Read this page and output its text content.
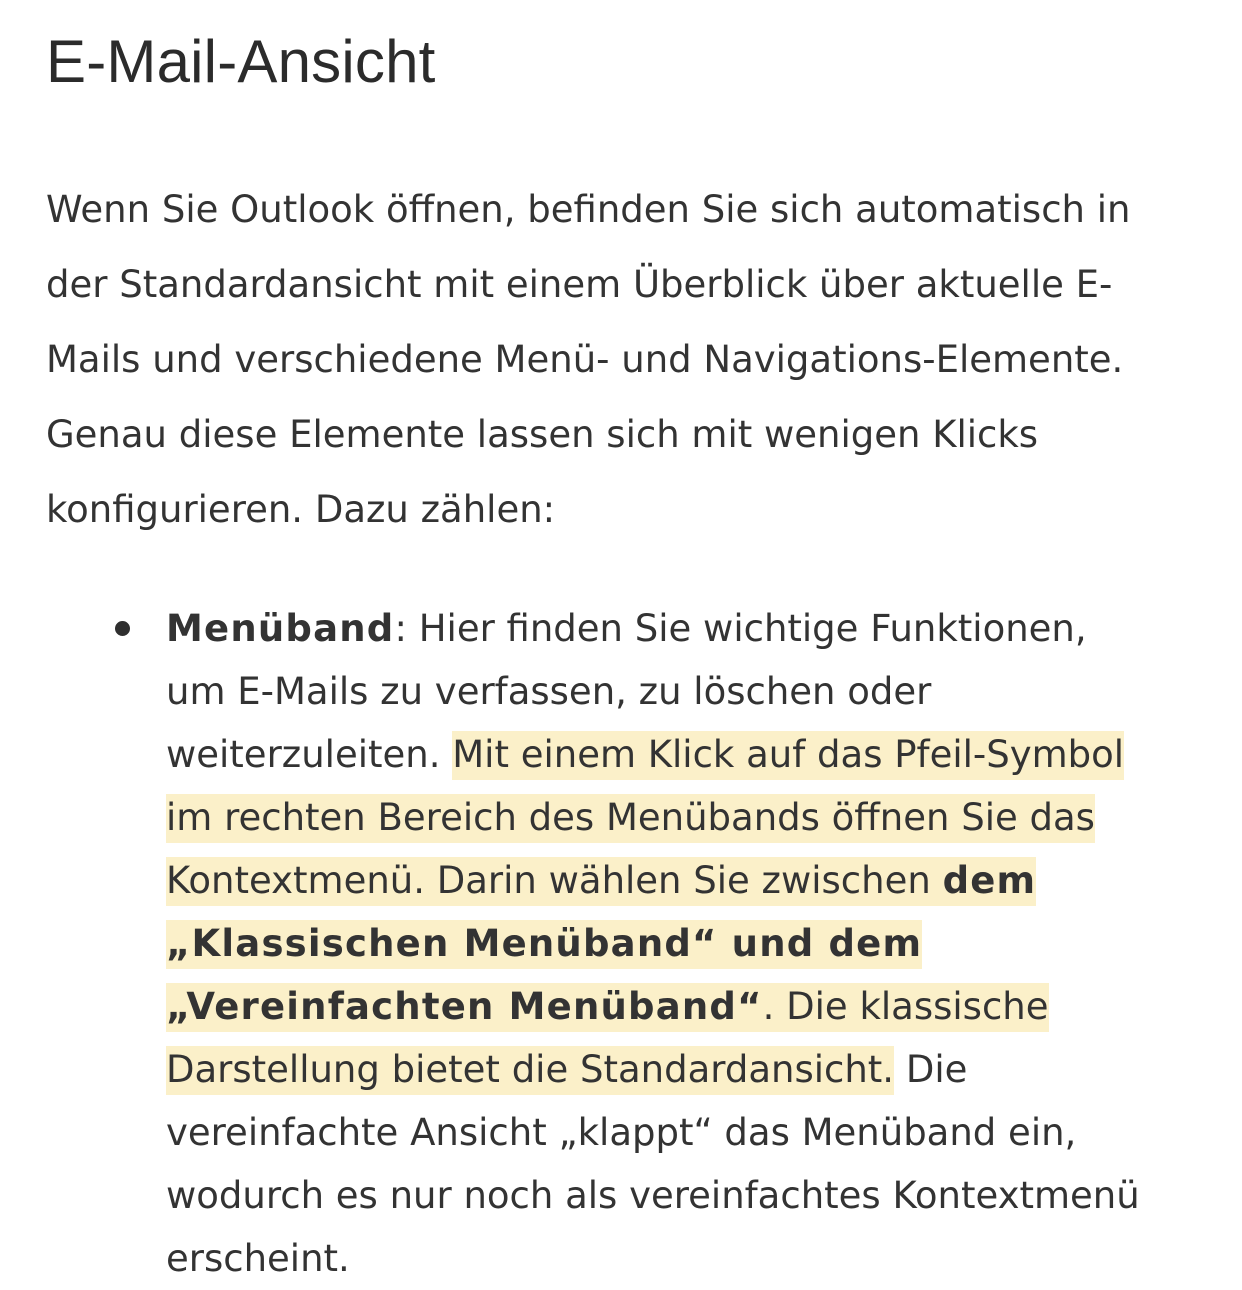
E-Mail-Ansicht

Wenn Sie Outlook öffnen, befinden Sie sich automatisch in
der Standardansicht mit einem Überblick über aktuelle E-
Mails und verschiedene Menü- und Navigations-Elemente.
Genau diese Elemente lassen sich mit wenigen Klicks
konfigurieren. Dazu zählen:

Menüband: Hier finden Sie wichtige Funktionen,
um E-Mails zu verfassen, zu löschen oder
weiterzuleiten. Mit einem Klick auf das Pfeil-Symbol
im rechten Bereich des Menübands öffnen Sie das
Kontextmenü. Darin wählen Sie zwischen dem
„Klassischen Menüband“ und dem
„Vereinfachten Menüband“. Die klassische
Darstellung bietet die Standardansicht. Die
vereinfachte Ansicht „klappt“ das Menüband ein,
wodurch es nur noch als vereinfachtes Kontextmenü
erscheint.
